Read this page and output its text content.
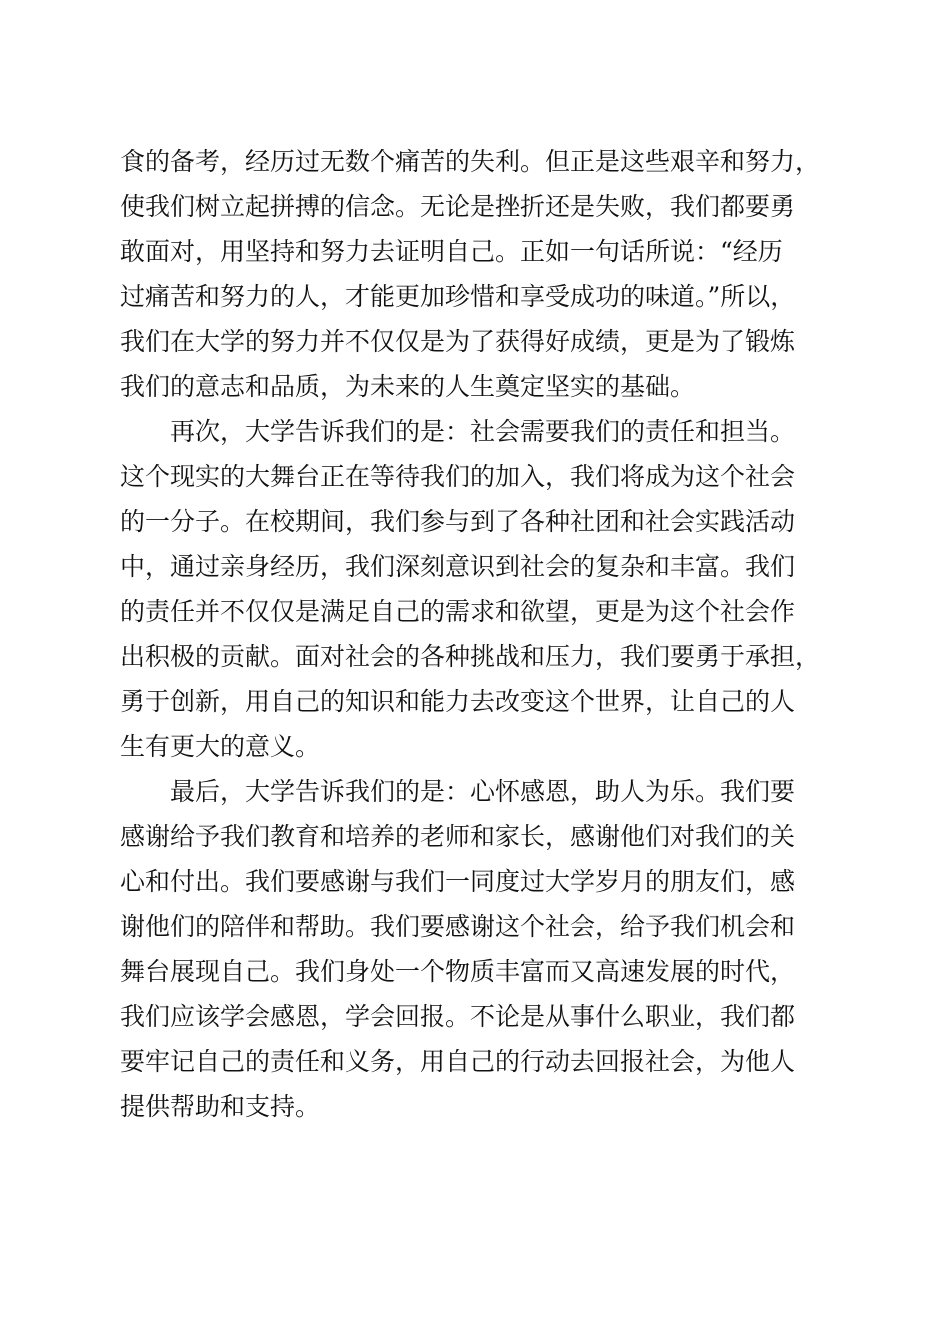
食的备考，经历过无数个痛苦的失利。但正是这些艰辛和努力，
使我们树立起拼搏的信念。无论是挫折还是失败，我们都要勇
敢面对，用坚持和努力去证明自己。正如一句话所说：“经历
过痛苦和努力的人，才能更加珍惜和享受成功的味道。”所以，
我们在大学的努力并不仅仅是为了获得好成绩，更是为了锻炼
我们的意志和品质，为未来的人生奠定坚实的基础。
再次，大学告诉我们的是：社会需要我们的责任和担当。
这个现实的大舞台正在等待我们的加入，我们将成为这个社会
的一分子。在校期间，我们参与到了各种社团和社会实践活动
中，通过亲身经历，我们深刻意识到社会的复杂和丰富。我们
的责任并不仅仅是满足自己的需求和欲望，更是为这个社会作
出积极的贡献。面对社会的各种挑战和压力，我们要勇于承担，
勇于创新，用自己的知识和能力去改变这个世界，让自己的人
生有更大的意义。
最后，大学告诉我们的是：心怀感恩，助人为乐。我们要
感谢给予我们教育和培养的老师和家长，感谢他们对我们的关
心和付出。我们要感谢与我们一同度过大学岁月的朋友们，感
谢他们的陪伴和帮助。我们要感谢这个社会，给予我们机会和
舞台展现自己。我们身处一个物质丰富而又高速发展的时代，
我们应该学会感恩，学会回报。不论是从事什么职业，我们都
要牢记自己的责任和义务，用自己的行动去回报社会，为他人
提供帮助和支持。
